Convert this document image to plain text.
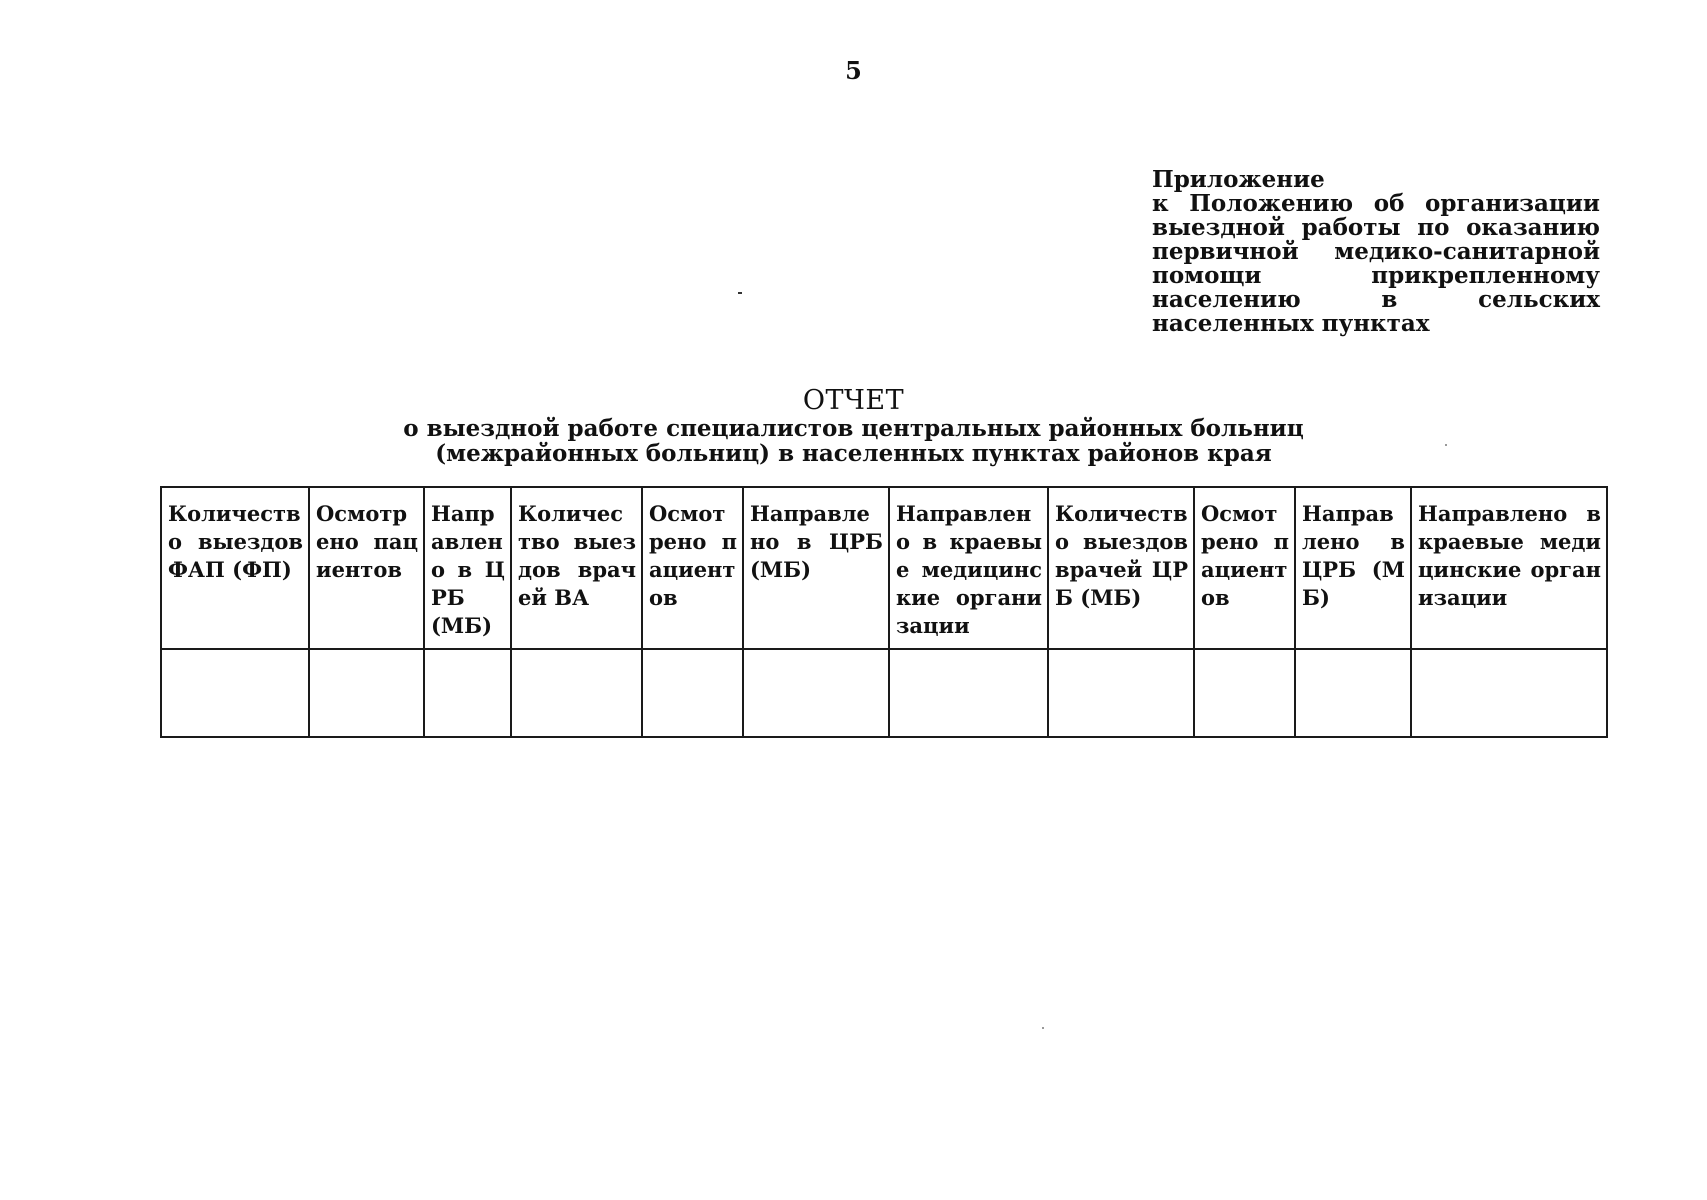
5
Приложение
к Положению об организации выездной работы по оказанию первичной медико-санитарной помощи прикрепленному населению в сельских населенных пунктах
ОТЧЕТ
о выездной работе специалистов центральных районных больниц
(межрайонных больниц) в населенных пунктах районов края
Количество выездов ФАП (ФП)	Осмотрено пациентов	Направлено в ЦРБ (МБ)	Количество выездов врачей ВА	Осмотрено пациентов	Направлено в ЦРБ (МБ)	Направлено в краевые медицинские организации	Количество выездов врачей ЦРБ (МБ)	Осмотрено пациентов	Направлено в ЦРБ (МБ)	Направлено в краевые медицинские организации
